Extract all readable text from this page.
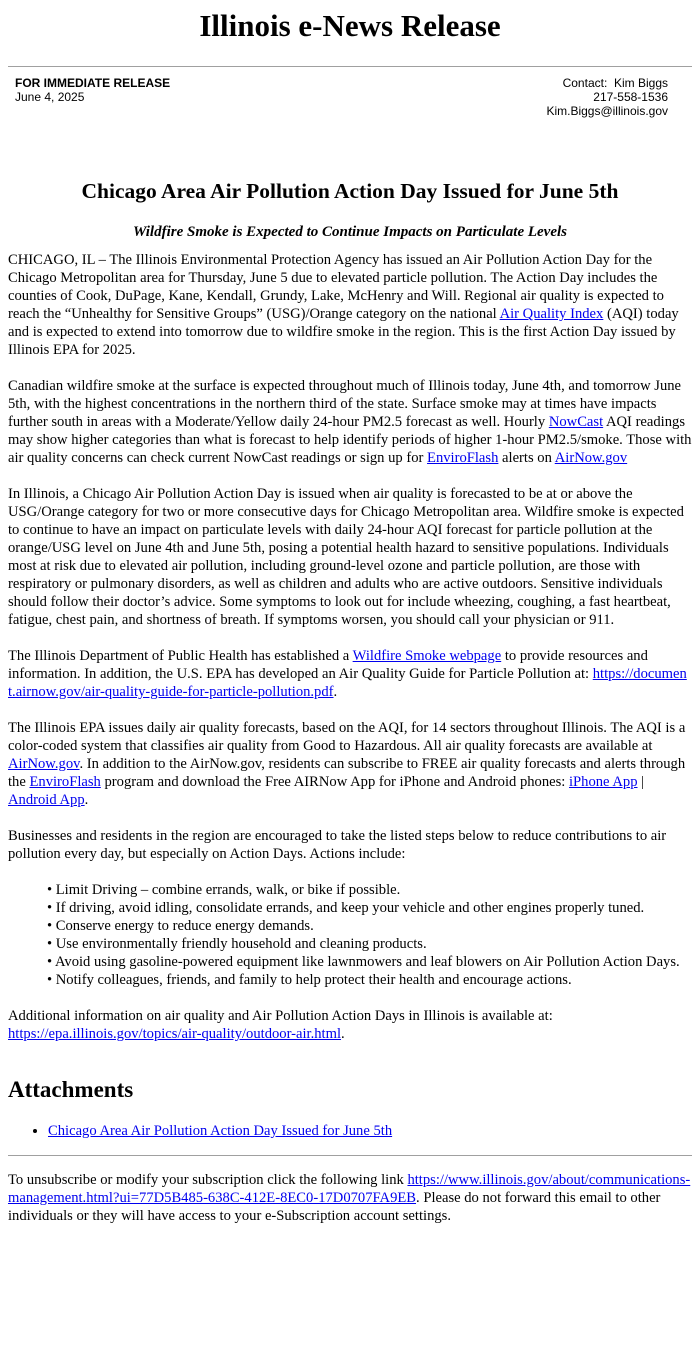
Illinois e-News Release
FOR IMMEDIATE RELEASE
June 4, 2025
Contact: Kim Biggs
217-558-1536
Kim.Biggs@illinois.gov
Chicago Area Air Pollution Action Day Issued for June 5th
Wildfire Smoke is Expected to Continue Impacts on Particulate Levels

CHICAGO, IL – The Illinois Environmental Protection Agency has issued an Air Pollution Action Day for the Chicago Metropolitan area for Thursday, June 5 due to elevated particle pollution. The Action Day includes the counties of Cook, DuPage, Kane, Kendall, Grundy, Lake, McHenry and Will. Regional air quality is expected to reach the “Unhealthy for Sensitive Groups” (USG)/Orange category on the national Air Quality Index (AQI) today and is expected to extend into tomorrow due to wildfire smoke in the region. This is the first Action Day issued by Illinois EPA for 2025.

Canadian wildfire smoke at the surface is expected throughout much of Illinois today, June 4th, and tomorrow June 5th, with the highest concentrations in the northern third of the state. Surface smoke may at times have impacts further south in areas with a Moderate/Yellow daily 24-hour PM2.5 forecast as well. Hourly NowCast AQI readings may show higher categories than what is forecast to help identify periods of higher 1-hour PM2.5/smoke. Those with air quality concerns can check current NowCast readings or sign up for EnviroFlash alerts on AirNow.gov

In Illinois, a Chicago Air Pollution Action Day is issued when air quality is forecasted to be at or above the USG/Orange category for two or more consecutive days for Chicago Metropolitan area. Wildfire smoke is expected to continue to have an impact on particulate levels with daily 24-hour AQI forecast for particle pollution at the orange/USG level on June 4th and June 5th, posing a potential health hazard to sensitive populations. Individuals most at risk due to elevated air pollution, including ground-level ozone and particle pollution, are those with respiratory or pulmonary disorders, as well as children and adults who are active outdoors. Sensitive individuals should follow their doctor’s advice. Some symptoms to look out for include wheezing, coughing, a fast heartbeat, fatigue, chest pain, and shortness of breath. If symptoms worsen, you should call your physician or 911.

The Illinois Department of Public Health has established a Wildfire Smoke webpage to provide resources and information. In addition, the U.S. EPA has developed an Air Quality Guide for Particle Pollution at: https://document.airnow.gov/air-quality-guide-for-particle-pollution.pdf.

The Illinois EPA issues daily air quality forecasts, based on the AQI, for 14 sectors throughout Illinois. The AQI is a color-coded system that classifies air quality from Good to Hazardous. All air quality forecasts are available at AirNow.gov. In addition to the AirNow.gov, residents can subscribe to FREE air quality forecasts and alerts through the EnviroFlash program and download the Free AIRNow App for iPhone and Android phones: iPhone App | Android App.

Businesses and residents in the region are encouraged to take the listed steps below to reduce contributions to air pollution every day, but especially on Action Days. Actions include:

• Limit Driving – combine errands, walk, or bike if possible.
• If driving, avoid idling, consolidate errands, and keep your vehicle and other engines properly tuned.
• Conserve energy to reduce energy demands.
• Use environmentally friendly household and cleaning products.
• Avoid using gasoline-powered equipment like lawnmowers and leaf blowers on Air Pollution Action Days.
• Notify colleagues, friends, and family to help protect their health and encourage actions.

Additional information on air quality and Air Pollution Action Days in Illinois is available at: https://epa.illinois.gov/topics/air-quality/outdoor-air.html.

Attachments
• Chicago Area Air Pollution Action Day Issued for June 5th

To unsubscribe or modify your subscription click the following link https://www.illinois.gov/about/communications-management.html?ui=77D5B485-638C-412E-8EC0-17D0707FA9EB. Please do not forward this email to other individuals or they will have access to your e-Subscription account settings.
